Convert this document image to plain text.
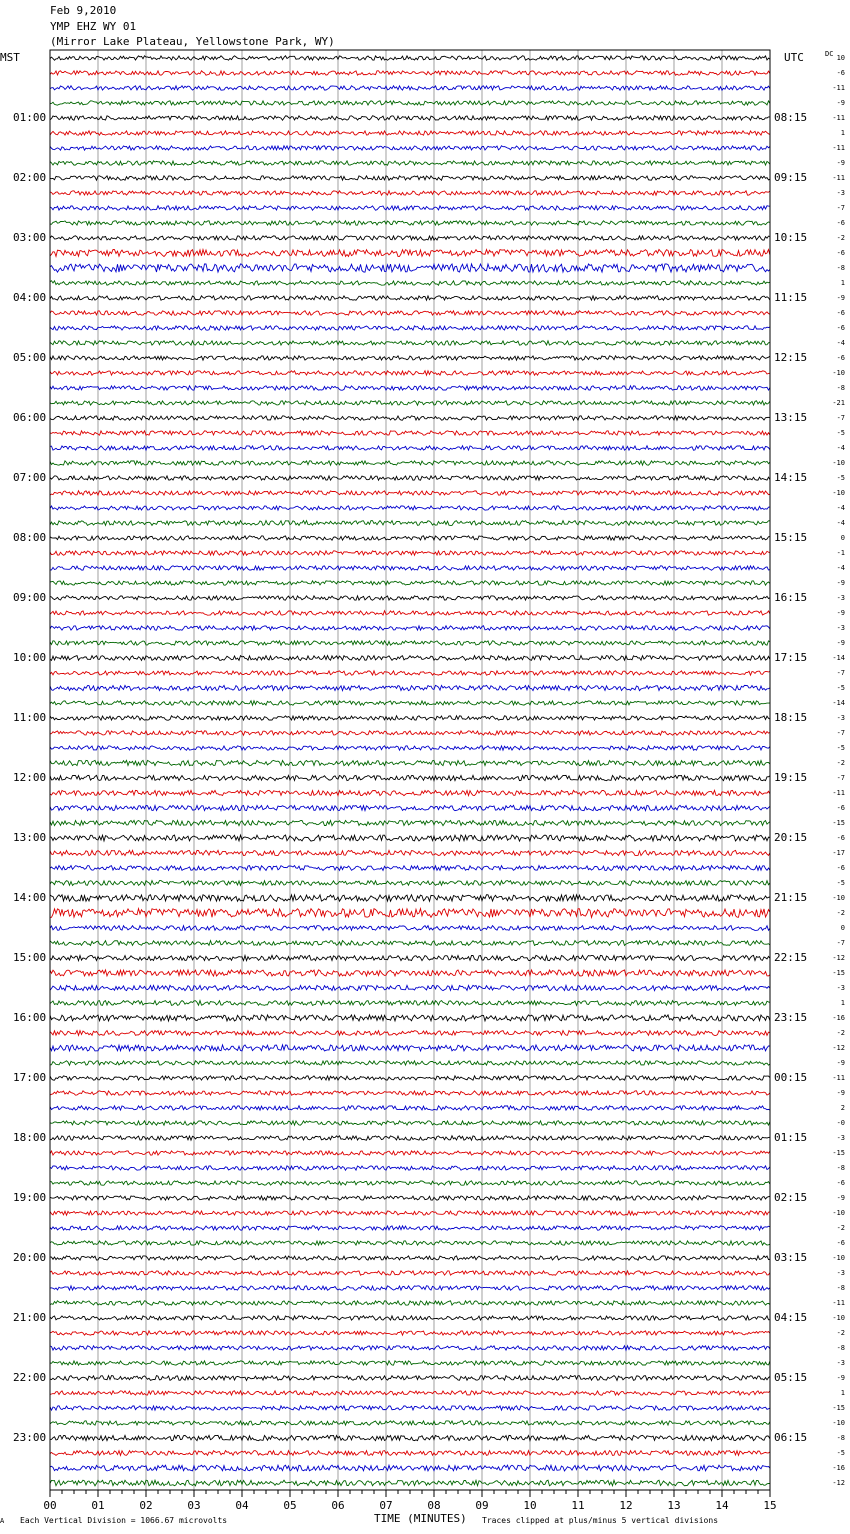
Feb 9,2010
YMP EHZ WY 01
(Mirror Lake Plateau, Yellowstone Park, WY)
MST	UTC	DC
00	01	02	03	04	05	06	07	08	09	10	11	12	13	14	15
01:00
02:00
03:00
04:00
05:00
06:00
07:00
08:00
09:00
10:00
11:00
12:00
13:00
14:00
15:00
16:00
17:00
18:00
19:00
20:00
21:00
22:00
23:00
08:15
09:15
10:15
11:15
12:15
13:15
14:15
15:15
16:15
17:15
18:15
19:15
20:15
21:15
22:15
23:15
00:15
01:15
02:15
03:15
04:15
05:15
06:15
10
-6
-11
-9
-11
1
-11
-9
-11
-3
-7
-6
-2
-6
-8
1
-9
-6
-6
-4
-6
-10
-8
-21
-7
-5
-4
-10
-5
-10
-4
-4
0
-1
-4
-9
-3
-9
-3
-9
-14
-7
-5
-14
-3
-7
-5
-2
-7
-11
-6
-15
-6
-17
-6
-5
-10
-2
0
-7
-12
-15
-3
1
-16
-2
-12
-9
-11
-9
2
-0
-3
-15
-8
-6
-9
-10
-2
-6
-10
-3
-8
-11
-10
-2
-8
-3
-9
1
-15
-10
-8
-5
-16
-12
A Each Vertical Division = 1066.67 microvolts	TIME (MINUTES) Traces clipped at plus/minus 5 vertical divisions
